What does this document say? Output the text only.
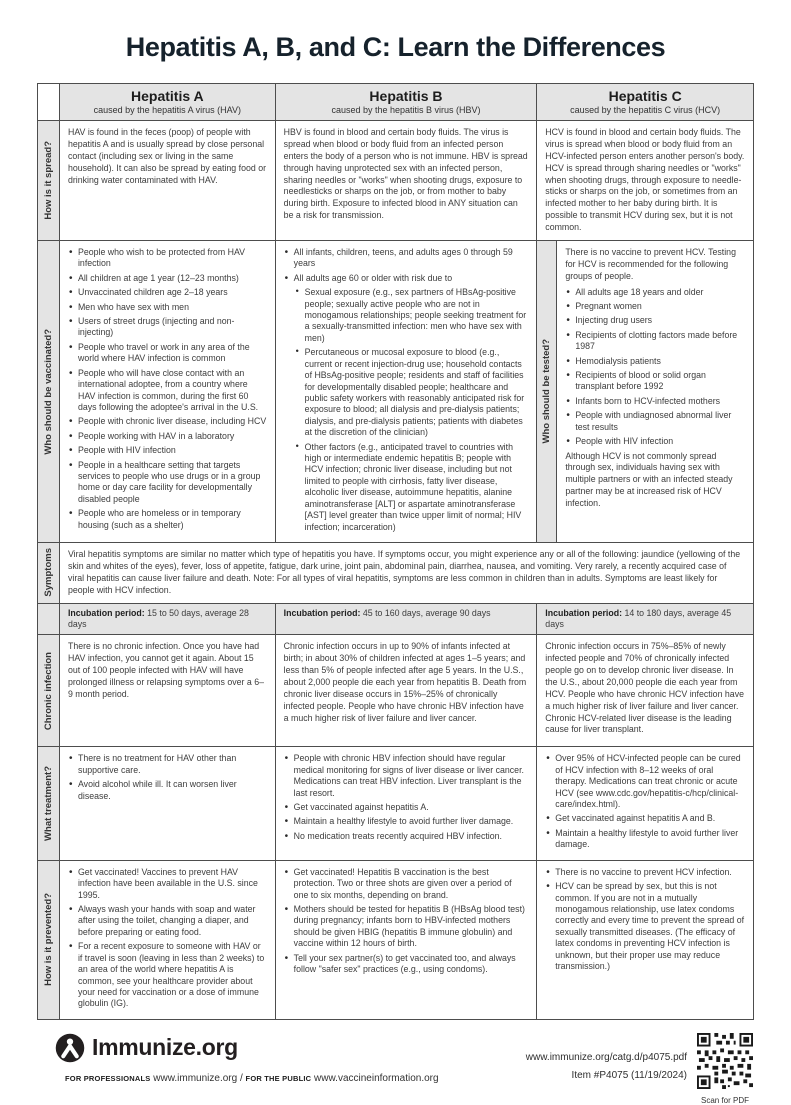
Hepatitis A, B, and C: Learn the Differences
Hepatitis A
caused by the hepatitis A virus (HAV)
Hepatitis B
caused by the hepatitis B virus (HBV)
Hepatitis C
caused by the hepatitis C virus (HCV)
How is it spread?

HAV is found in the feces (poop) of people with hepatitis A and is usually spread by close personal contact (including sex or living in the same household). It can also be spread by eating food or drinking water contaminated with HAV.

HBV is found in blood and certain body fluids. The virus is spread when blood or body fluid from an infected person enters the body of a person who is not immune. HBV is spread through having unprotected sex with an infected person, sharing needles or "works" when shooting drugs, exposure to needlesticks or sharps on the job, or from mother to baby during birth. Exposure to infected blood in ANY situation can be a risk for transmission.

HCV is found in blood and certain body fluids. The virus is spread when blood or body fluid from an HCV-infected person enters another person's body. HCV is spread through sharing needles or "works" when shooting drugs, through exposure to needle-sticks or sharps on the job, or sometimes from an infected mother to her baby during birth. It is possible to transmit HCV during sex, but it is not common.

Who should be vaccinated?
• People who wish to be protected from HAV infection
• All children at age 1 year (12–23 months)
• Unvaccinated children age 2–18 years
• Men who have sex with men
• Users of street drugs (injecting and non-injecting)
• People who travel or work in any area of the world where HAV infection is common
• People who will have close contact with an international adoptee, from a country where HAV infection is common, during the first 60 days following the adoptee's arrival in the U.S.
• People with chronic liver disease, including HCV
• People working with HAV in a laboratory
• People with HIV infection
• People in a healthcare setting that targets services to people who use drugs or in a group home or day care facility for developmentally disabled people
• People who are homeless or in temporary housing (such as a shelter)
• All infants, children, teens, and adults ages 0 through 59 years
• All adults age 60 or older with risk due to
• Sexual exposure (e.g., sex partners of HBsAg-positive people; sexually active people who are not in monogamous relationships; people seeking treatment for a sexually-transmitted infection: men who have sex with men)
• Percutaneous or mucosal exposure to blood (e.g., current or recent injection-drug use; household contacts of HBsAg-positive people; residents and staff of facilities for developmentally disabled people; healthcare and public safety workers with reasonably anticipated risk for exposure to blood; all dialysis and pre-dialysis patients; dialysis, and pre-dialysis patients; patients with diabetes at the discretion of the clinician)
• Other factors (e.g., anticipated travel to countries with high or intermediate endemic hepatitis B; people with HCV infection; chronic liver disease, including but not limited to people with cirrhosis, fatty liver disease, alcoholic liver disease, autoimmune hepatitis, alanine aminotransferase [ALT] or aspartate aminotransferase [AST] level greater than twice upper limit of normal; HIV infection; incarceration)
Who should be tested?

There is no vaccine to prevent HCV. Testing for HCV is recommended for the following groups of people.

• All adults age 18 years and older
• Pregnant women
• Injecting drug users
• Recipients of clotting factors made before 1987
• Hemodialysis patients
• Recipients of blood or solid organ transplant before 1992
• Infants born to HCV-infected mothers
• People with undiagnosed abnormal liver test results
• People with HIV infection

Although HCV is not commonly spread through sex, individuals having sex with multiple partners or with an infected steady partner may be at increased risk of HCV infection.

Symptoms Viral hepatitis symptoms are similar no matter which type of hepatitis you have. If symptoms occur, you might experience any or all of the following: jaundice (yellowing of the skin and whites of the eyes), fever, loss of appetite, fatigue, dark urine, joint pain, abdominal pain, diarrhea, nausea, and vomiting. Very rarely, a recently acquired case of viral hepatitis can cause liver failure and death. Note: For all types of viral hepatitis, symptoms are less common in children than in adults. Symptoms are least likely for people with HCV infection.

Incubation period: 15 to 50 days, average 28 days
Incubation period: 45 to 160 days, average 90 days	Incubation period: 14 to 180 days, average 45 days
Chronic infection

There is no chronic infection. Once you have had HAV infection, you cannot get it again. About 15 out of 100 people infected with HAV will have prolonged illness or relapsing symptoms over a 6–9 month period.

Chronic infection occurs in up to 90% of infants infected at birth; in about 30% of children infected at ages 1–5 years; and less than 5% of people infected after age 5 years. In the U.S., about 2,000 people die each year from hepatitis B. Death from chronic liver disease occurs in 15%–25% of chronically infected people. People who have chronic HBV infection have a much higher risk of liver failure and liver cancer.

Chronic infection occurs in 75%–85% of newly infected people and 70% of chronically infected people go on to develop chronic liver disease. In the U.S., about 20,000 people die each year from HCV. People who have chronic HCV infection have a much higher risk of liver failure and liver cancer. Chronic HCV-related liver disease is the leading cause for liver transplant.

What treatment?
• There is no treatment for HAV other than supportive care.
• Avoid alcohol while ill. It can worsen liver disease.
• People with chronic HBV infection should have regular medical monitoring for signs of liver disease or liver cancer. Medications can treat HBV infection. Liver transplant is the last resort.
• Get vaccinated against hepatitis A.
• Maintain a healthy lifestyle to avoid further liver damage.
• No medication treats recently acquired HBV infection.
• Over 95% of HCV-infected people can be cured of HCV infection with 8–12 weeks of oral therapy. Medications can treat chronic or acute HCV (see www.cdc.gov/hepatitis-c/hcp/clinical-care/index.html).
• Get vaccinated against hepatitis A and B.
• Maintain a healthy lifestyle to avoid further liver damage.
How is it prevented?
• Get vaccinated! Vaccines to prevent HAV infection have been available in the U.S. since 1995.
• Always wash your hands with soap and water after using the toilet, changing a diaper, and before preparing or eating food.
• For a recent exposure to someone with HAV or if travel is soon (leaving in less than 2 weeks) to an area of the world where hepatitis A is common, see your healthcare provider about your need for vaccination or a dose of immune globulin (IG).
• Get vaccinated! Hepatitis B vaccination is the best protection. Two or three shots are given over a period of one to six months, depending on brand.
• Mothers should be tested for hepatitis B (HBsAg blood test) during pregnancy; infants born to HBV-infected mothers should be given HBIG (hepatitis B immune globulin) and vaccine within 12 hours of birth.
• Tell your sex partner(s) to get vaccinated too, and always follow "safer sex" practices (e.g., using condoms).
• There is no vaccine to prevent HCV infection.
• HCV can be spread by sex, but this is not common. If you are not in a mutually monogamous relationship, use latex condoms correctly and every time to prevent the spread of sexually transmitted diseases. (The efficacy of latex condoms in preventing HCV infection is unknown, but their proper use may reduce transmission.)
Immunize.org
FOR PROFESSIONALS www.immunize.org / FOR THE PUBLIC www.vaccineinformation.org
www.immunize.org/catg.d/p4075.pdf
Item #P4075 (11/19/2024)
Scan for PDF
